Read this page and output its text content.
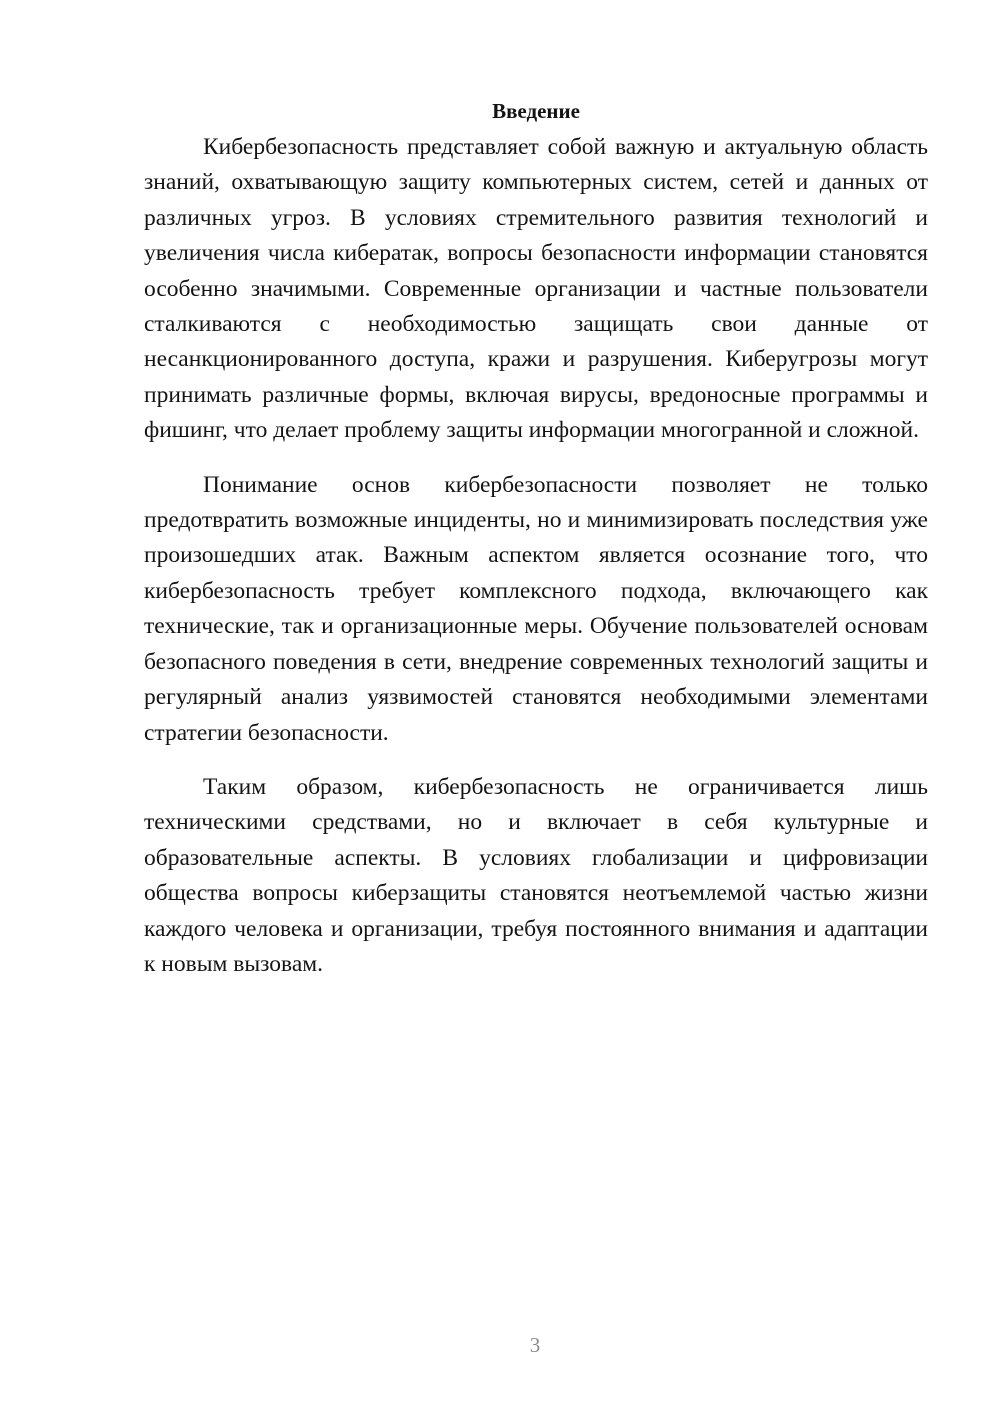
Введение

Кибербезопасность представляет собой важную и актуальную область знаний, охватывающую защиту компьютерных систем, сетей и данных от различных угроз. В условиях стремительного развития технологий и увеличения числа кибератак, вопросы безопасности информации становятся особенно значимыми. Современные организации и частные пользователи сталкиваются с необходимостью защищать свои данные от несанкционированного доступа, кражи и разрушения. Киберугрозы могут принимать различные формы, включая вирусы, вредоносные программы и фишинг, что делает проблему защиты информации многогранной и сложной.

Понимание основ кибербезопасности позволяет не только предотвратить возможные инциденты, но и минимизировать последствия уже произошедших атак. Важным аспектом является осознание того, что кибербезопасность требует комплексного подхода, включающего как технические, так и организационные меры. Обучение пользователей основам безопасного поведения в сети, внедрение современных технологий защиты и регулярный анализ уязвимостей становятся необходимыми элементами стратегии безопасности.

Таким образом, кибербезопасность не ограничивается лишь техническими средствами, но и включает в себя культурные и образовательные аспекты. В условиях глобализации и цифровизации общества вопросы киберзащиты становятся неотъемлемой частью жизни каждого человека и организации, требуя постоянного внимания и адаптации к новым вызовам.

3
